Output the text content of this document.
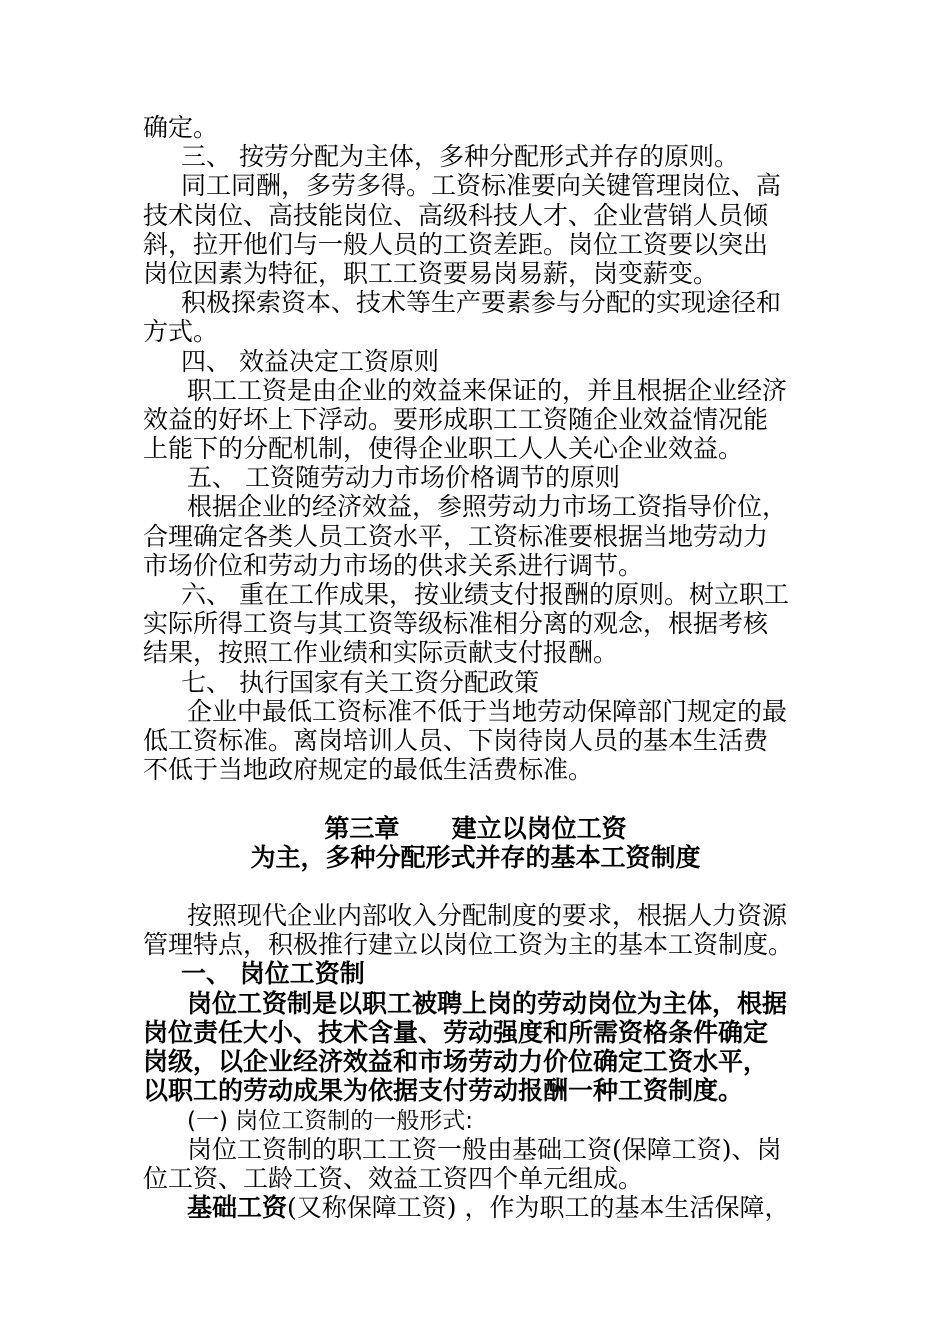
确定。
三、 按劳分配为主体，多种分配形式并存的原则。
同工同酬，多劳多得。工资标准要向关键管理岗位、高
技术岗位、高技能岗位、高级科技人才、企业营销人员倾
斜，拉开他们与一般人员的工资差距。岗位工资要以突出
岗位因素为特征，职工工资要易岗易薪，岗变薪变。
积极探索资本、技术等生产要素参与分配的实现途径和
方式。
四、 效益决定工资原则
职工工资是由企业的效益来保证的，并且根据企业经济
效益的好坏上下浮动。要形成职工工资随企业效益情况能
上能下的分配机制，使得企业职工人人关心企业效益。
五、 工资随劳动力市场价格调节的原则
根据企业的经济效益，参照劳动力市场工资指导价位，
合理确定各类人员工资水平，工资标准要根据当地劳动力
市场价位和劳动力市场的供求关系进行调节。
六、 重在工作成果，按业绩支付报酬的原则。树立职工
实际所得工资与其工资等级标准相分离的观念，根据考核
结果，按照工作业绩和实际贡献支付报酬。
七、 执行国家有关工资分配政策
企业中最低工资标准不低于当地劳动保障部门规定的最
低工资标准。离岗培训人员、下岗待岗人员的基本生活费
不低于当地政府规定的最低生活费标准。
第三章      建立以岗位工资
为主，多种分配形式并存的基本工资制度
按照现代企业内部收入分配制度的要求，根据人力资源
管理特点，积极推行建立以岗位工资为主的基本工资制度。
一、 岗位工资制
岗位工资制是以职工被聘上岗的劳动岗位为主体，根据
岗位责任大小、技术含量、劳动强度和所需资格条件确定
岗级，以企业经济效益和市场劳动力价位确定工资水平，
以职工的劳动成果为依据支付劳动报酬一种工资制度。
(一) 岗位工资制的一般形式:
岗位工资制的职工工资一般由基础工资(保障工资)、岗
位工资、工龄工资、效益工资四个单元组成。
基础工资(又称保障工资) ，作为职工的基本生活保障，
